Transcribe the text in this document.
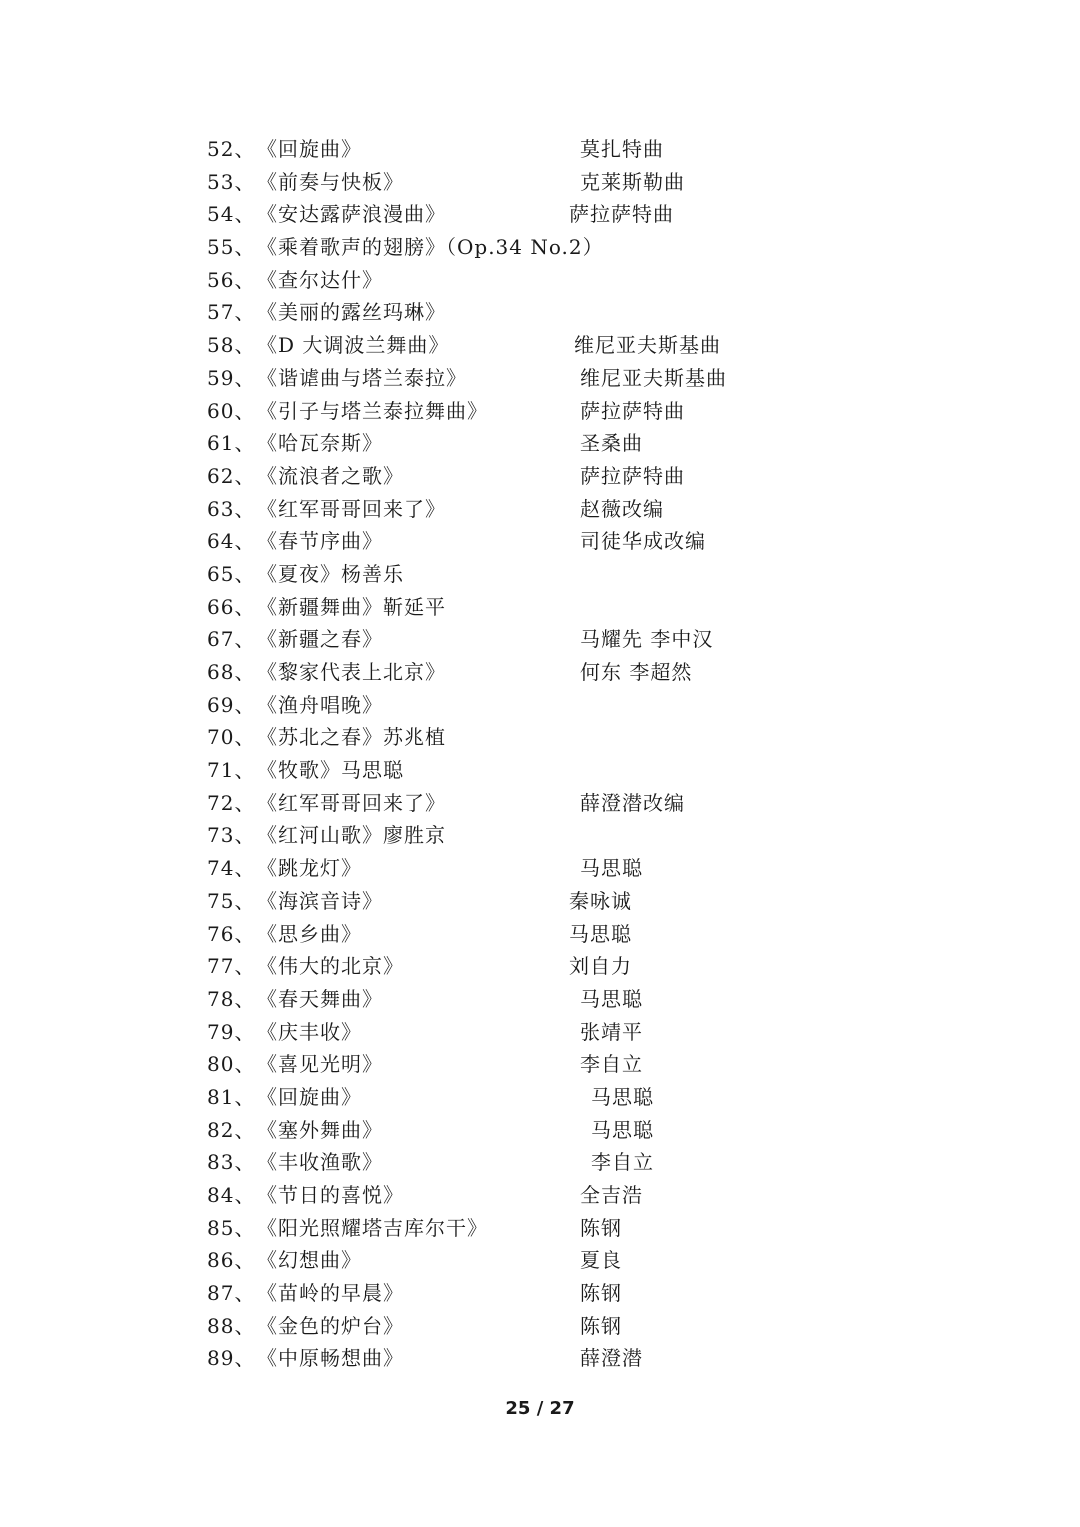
52、 《回旋曲》	莫扎特曲
53、 《前奏与快板》	克莱斯勒曲
54、 《安达露萨浪漫曲》	萨拉萨特曲
55、 《乘着歌声的翅膀》（Op.34 No.2）
56、 《查尔达什》
57、 《美丽的露丝玛琳》
58、 《D 大调波兰舞曲》	维尼亚夫斯基曲
59、 《谐谑曲与塔兰泰拉》	维尼亚夫斯基曲
60、 《引子与塔兰泰拉舞曲》	萨拉萨特曲
61、 《哈瓦奈斯》	圣桑曲
62、 《流浪者之歌》	萨拉萨特曲
63、 《红军哥哥回来了》	赵薇改编
64、 《春节序曲》	司徒华成改编
65、 《夏夜》杨善乐
66、 《新疆舞曲》靳延平
67、 《新疆之春》	马耀先 李中汉
68、 《黎家代表上北京》	何东 李超然
69、 《渔舟唱晚》
70、 《苏北之春》苏兆植
71、 《牧歌》马思聪
72、 《红军哥哥回来了》	薛澄潜改编
73、 《红河山歌》廖胜京
74、 《跳龙灯》	马思聪
75、 《海滨音诗》	秦咏诚
76、 《思乡曲》	马思聪
77、 《伟大的北京》	刘自力
78、 《春天舞曲》	马思聪
79、 《庆丰收》	张靖平
80、 《喜见光明》	李自立
81、 《回旋曲》	马思聪
82、 《塞外舞曲》	马思聪
83、 《丰收渔歌》	李自立
84、 《节日的喜悦》	全吉浩
85、 《阳光照耀塔吉库尔干》	陈钢
86、 《幻想曲》	夏良
87、 《苗岭的早晨》	陈钢
88、 《金色的炉台》	陈钢
89、 《中原畅想曲》	薛澄潜
25 / 27
